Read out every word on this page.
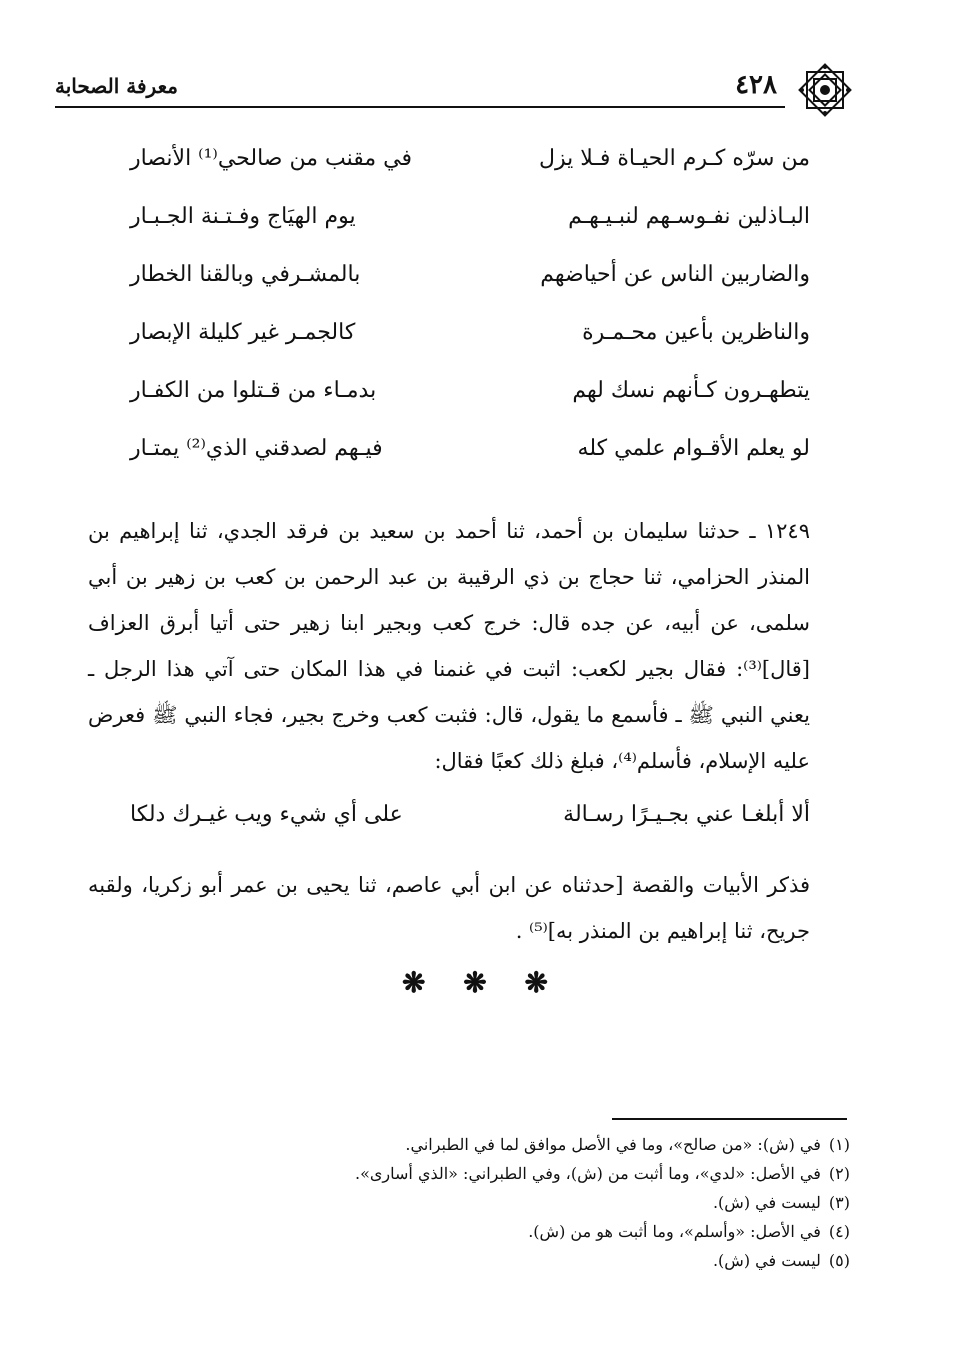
٤٢٨
معرفة الصحابة
من سرّه كـرم الحيـاة فـلا يزل
في مقنب من صالحي⁽¹⁾ الأنصار
البـاذلين نفـوسـهم لنبـيـهـم
يوم الهيَاج وفـتـنة الجـبـار
والضاربين الناس عن أحياضهم
بالمشـرفي وبالقنا الخطار
والناظرين بأعين محـمـرة
كالجمـر غير كليلة الإبصار
يتطهـرون كـأنهم نسك لهم
بدمـاء من قـتلوا من الكفـار
لو يعلم الأقـوام علمي كله
فيـهم لصدقني الذي⁽²⁾ يمتـار

١٢٤٩ ـ حدثنا سليمان بن أحمد، ثنا أحمد بن سعيد بن فرقد الجدي، ثنا إبراهيم بن المنذر الحزامي، ثنا حجاج بن ذي الرقيبة بن عبد الرحمن بن كعب بن زهير بن أبي سلمى، عن أبيه، عن جده قال: خرج كعب وبجير ابنا زهير حتى أتيا أبرق العزاف [قال]⁽³⁾: فقال بجير لكعب: اثبت في غنمنا في هذا المكان حتى آتي هذا الرجل ـ يعني النبي ﷺ ـ فأسمع ما يقول، قال: فثبت كعب وخرج بجير، فجاء النبي ﷺ فعرض عليه الإسلام، فأسلم⁽⁴⁾، فبلغ ذلك كعبًا فقال:

ألا أبلغـا عني بجـيـرًا رسـالة
على أي شيء ويب غيـرك دلكا

فذكر الأبيات والقصة [حدثناه عن ابن أبي عاصم، ثنا يحيى بن عمر أبو زكريا، ولقبه جريح، ثنا إبراهيم بن المنذر به]⁽⁵⁾ .

❋ ❋ ❋
(١)في (ش): «من صالح»، وما في الأصل موافق لما في الطبراني.
(٢)في الأصل: «لدي»، وما أثبت من (ش)، وفي الطبراني: «الذي أسارى».
(٣)ليست في (ش).
(٤)في الأصل: «وأسلم»، وما أثبت هو من (ش).
(٥)ليست في (ش).
